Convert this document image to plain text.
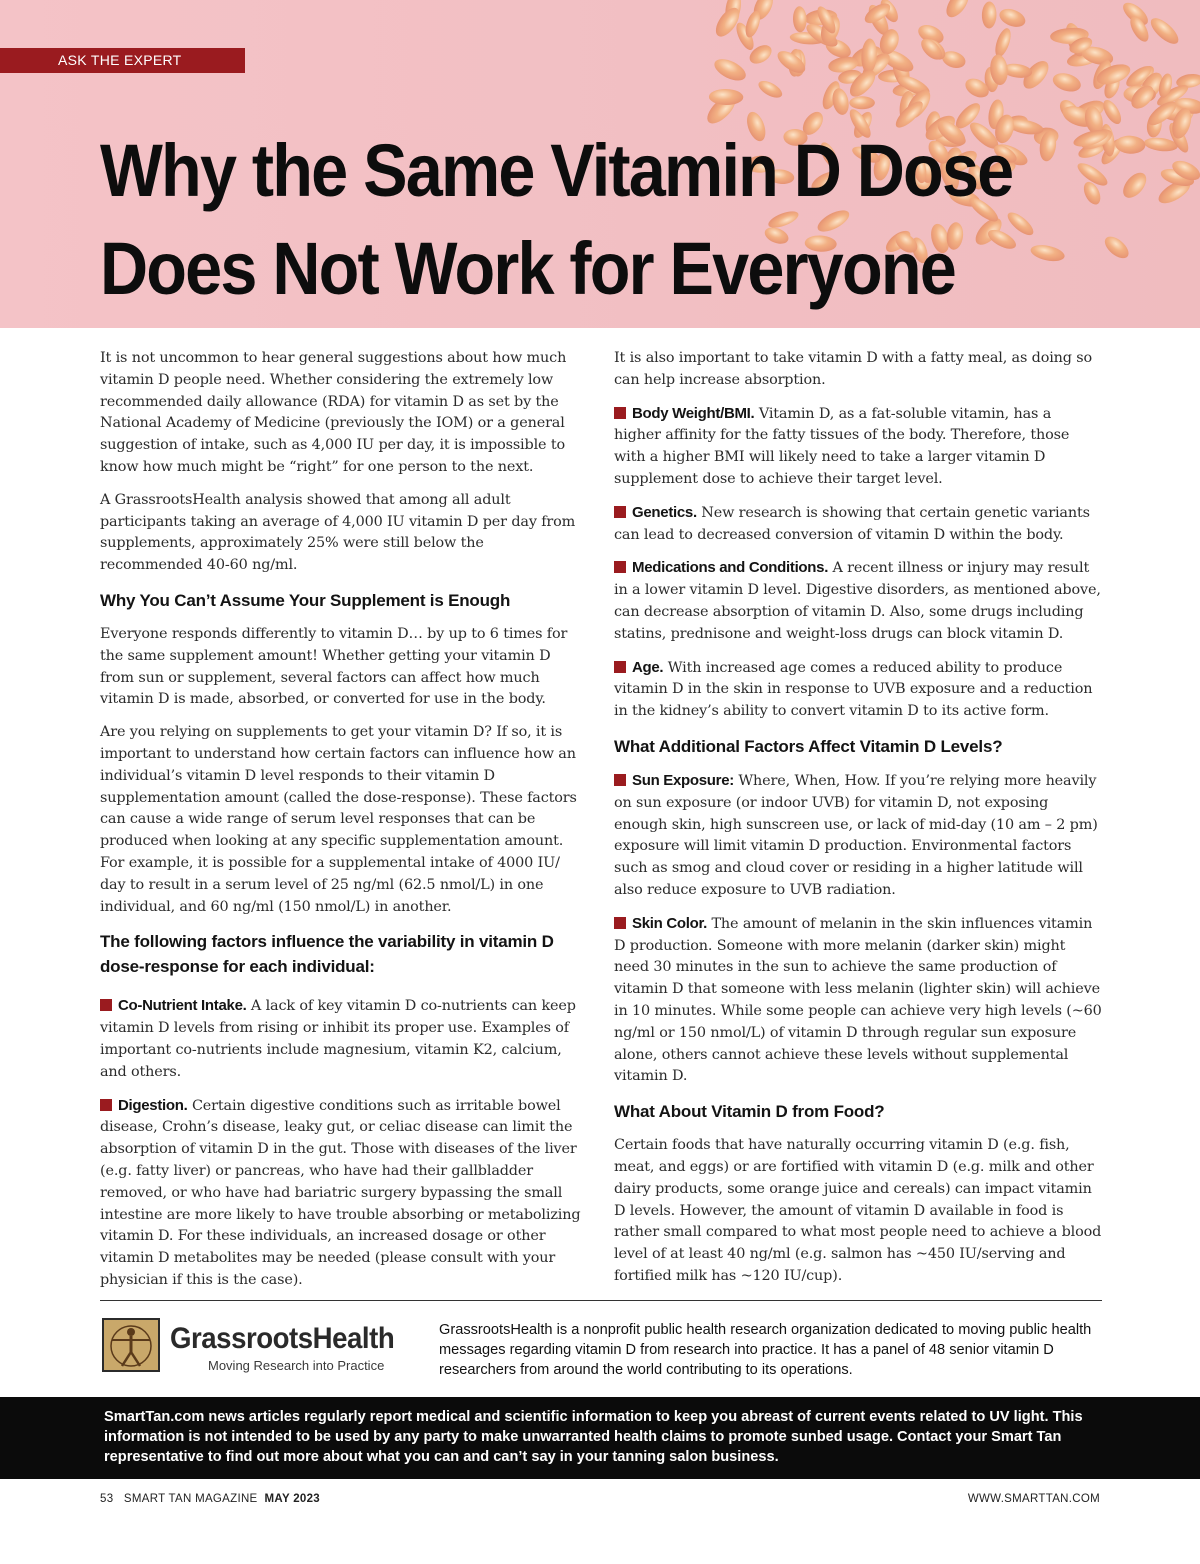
ASK THE EXPERT
Why the Same Vitamin D Dose
Does Not Work for Everyone

It is not uncommon to hear general suggestions about how much vitamin D people need. Whether considering the extremely low recommended daily allowance (RDA) for vitamin D as set by the National Academy of Medicine (previously the IOM) or a general suggestion of intake, such as 4,000 IU per day, it is impossible to know how much might be “right” for one person to the next.

A GrassrootsHealth analysis showed that among all adult participants taking an average of 4,000 IU vitamin D per day from supplements, approximately 25% were still below the recommended 40-60 ng/ml.

Why You Can’t Assume Your Supplement is Enough

Everyone responds differently to vitamin D… by up to 6 times for the same supplement amount! Whether getting your vitamin D from sun or supplement, several factors can affect how much vitamin D is made, absorbed, or converted for use in the body.

Are you relying on supplements to get your vitamin D? If so, it is important to understand how certain factors can influence how an individual’s vitamin D level responds to their vitamin D supplementation amount (called the dose-response). These factors can cause a wide range of serum level responses that can be produced when looking at any specific supplementation amount. For example, it is possible for a supplemental intake of 4000 IU/ day to result in a serum level of 25 ng/ml (62.5 nmol/L) in one individual, and 60 ng/ml (150 nmol/L) in another.

The following factors influence the variability in vitamin D dose-response for each individual:

Co-Nutrient Intake. A lack of key vitamin D co-nutrients can keep vitamin D levels from rising or inhibit its proper use. Examples of important co-nutrients include magnesium, vitamin K2, calcium, and others.

Digestion. Certain digestive conditions such as irritable bowel disease, Crohn’s disease, leaky gut, or celiac disease can limit the absorption of vitamin D in the gut. Those with diseases of the liver (e.g. fatty liver) or pancreas, who have had their gallbladder removed, or who have had bariatric surgery bypassing the small intestine are more likely to have trouble absorbing or metabolizing vitamin D. For these individuals, an increased dosage or other vitamin D metabolites may be needed (please consult with your physician if this is the case).

It is also important to take vitamin D with a fatty meal, as doing so can help increase absorption.

Body Weight/BMI. Vitamin D, as a fat-soluble vitamin, has a higher affinity for the fatty tissues of the body. Therefore, those with a higher BMI will likely need to take a larger vitamin D supplement dose to achieve their target level.

Genetics. New research is showing that certain genetic variants can lead to decreased conversion of vitamin D within the body.

Medications and Conditions. A recent illness or injury may result in a lower vitamin D level. Digestive disorders, as mentioned above, can decrease absorption of vitamin D. Also, some drugs including statins, prednisone and weight-loss drugs can block vitamin D.

Age. With increased age comes a reduced ability to produce vitamin D in the skin in response to UVB exposure and a reduction in the kidney’s ability to convert vitamin D to its active form.

What Additional Factors Affect Vitamin D Levels?

Sun Exposure: Where, When, How. If you’re relying more heavily on sun exposure (or indoor UVB) for vitamin D, not exposing enough skin, high sunscreen use, or lack of mid-day (10 am – 2 pm) exposure will limit vitamin D production. Environmental factors such as smog and cloud cover or residing in a higher latitude will also reduce exposure to UVB radiation.

Skin Color. The amount of melanin in the skin influences vitamin D production. Someone with more melanin (darker skin) might need 30 minutes in the sun to achieve the same production of vitamin D that someone with less melanin (lighter skin) will achieve in 10 minutes. While some people can achieve very high levels (~60 ng/ml or 150 nmol/L) of vitamin D through regular sun exposure alone, others cannot achieve these levels without supplemental vitamin D.

What About Vitamin D from Food?

Certain foods that have naturally occurring vitamin D (e.g. fish, meat, and eggs) or are fortified with vitamin D (e.g. milk and other dairy products, some orange juice and cereals) can impact vitamin D levels. However, the amount of vitamin D available in food is rather small compared to what most people need to achieve a blood level of at least 40 ng/ml (e.g. salmon has ~450 IU/serving and fortified milk has ~120 IU/cup).

GrassrootsHealth
Moving Research into Practice

GrassrootsHealth is a nonprofit public health research organization dedicated to moving public health messages regarding vitamin D from research into practice. It has a panel of 48 senior vitamin D researchers from around the world contributing to its operations.

SmartTan.com news articles regularly report medical and scientific information to keep you abreast of current events related to UV light. This information is not intended to be used by any party to make unwarranted health claims to promote sunbed usage. Contact your Smart Tan representative to find out more about what you can and can’t say in your tanning salon business.

53 SMART TAN MAGAZINE MAY 2023	WWW.SMARTTAN.COM
